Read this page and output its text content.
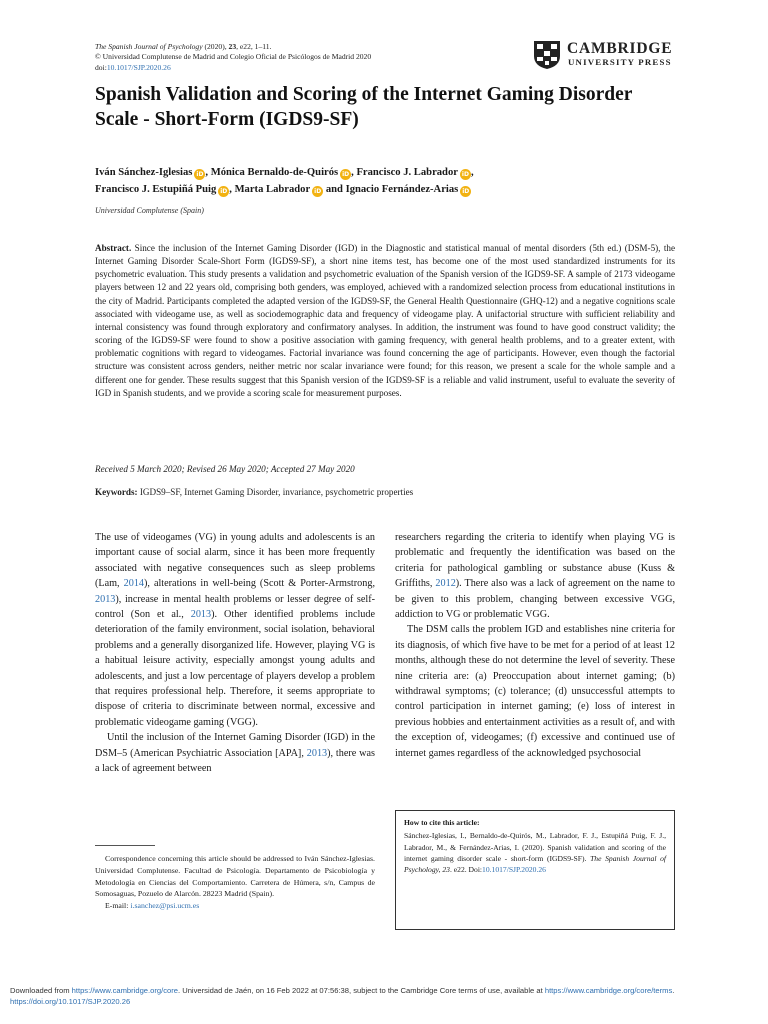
The Spanish Journal of Psychology (2020), 23, e22, 1–11.
© Universidad Complutense de Madrid and Colegio Oficial de Psicólogos de Madrid 2020
doi:10.1017/SJP.2020.26
CAMBRIDGE
UNIVERSITY PRESS
Spanish Validation and Scoring of the Internet Gaming Disorder Scale - Short-Form (IGDS9-SF)
Iván Sánchez-Iglesias iD , Mónica Bernaldo-de-Quirós iD , Francisco J. Labrador iD ,
Francisco J. Estupiñá Puig iD , Marta Labrador iD and Ignacio Fernández-Arias iD
Universidad Complutense (Spain)

Abstract. Since the inclusion of the Internet Gaming Disorder (IGD) in the Diagnostic and statistical manual of mental disorders (5th ed.) (DSM-5), the Internet Gaming Disorder Scale-Short Form (IGDS9-SF), a short nine items test, has become one of the most used standardized instruments for its psychometric evaluation. This study presents a validation and psychometric evaluation of the Spanish version of the IGDS9-SF. A sample of 2173 videogame players between 12 and 22 years old, comprising both genders, was employed, achieved with a randomized selection process from educational institutions in the city of Madrid. Participants completed the adapted version of the IGDS9-SF, the General Health Questionnaire (GHQ-12) and a negative cognitions scale associated with videogame use, as well as sociodemographic data and frequency of videogame play. A unifactorial structure with sufficient reliability and internal consistency was found through exploratory and confirmatory analyses. In addition, the instrument was found to have good construct validity; the scoring of the IGDS9-SF were found to show a positive association with gaming frequency, with general health problems, and to a greater extent, with problematic cognitions with regard to videogames. Factorial invariance was found concerning the age of participants. However, even though the factorial structure was consistent across genders, neither metric nor scalar invariance were found; for this reason, we present a scale for the whole sample and a different one for gender. These results suggest that this Spanish version of the IGDS9-SF is a reliable and valid instrument, useful to evaluate the severity of IGD in Spanish students, and we provide a scoring scale for measurement purposes.

Received 5 March 2020; Revised 26 May 2020; Accepted 27 May 2020
Keywords: IGDS9–SF, Internet Gaming Disorder, invariance, psychometric properties

The use of videogames (VG) in young adults and adolescents is an important cause of social alarm, since it has been more frequently associated with negative consequences such as sleep problems (Lam, 2014), alterations in well-being (Scott & Porter-Armstrong, 2013), increase in mental health problems or lesser degree of self-control (Son et al., 2013). Other identified problems include deterioration of the family environment, social isolation, behavioral problems and a generally disorganized life. However, playing VG is a habitual leisure activity, especially amongst young adults and adolescents, and just a low percentage of players develop a problem that requires professional help. Therefore, it seems appropriate to dispose of criteria to discriminate between normal, excessive and problematic videogame gaming (VGG).

Until the inclusion of the Internet Gaming Disorder (IGD) in the DSM–5 (American Psychiatric Association [APA], 2013), there was a lack of agreement between

researchers regarding the criteria to identify when playing VG is problematic and frequently the identification was based on the criteria for pathological gambling or substance abuse (Kuss & Griffiths, 2012). There also was a lack of agreement on the name to be given to this problem, changing between excessive VGG, addiction to VG or problematic VGG.

The DSM calls the problem IGD and establishes nine criteria for its diagnosis, of which five have to be met for a period of at least 12 months, although these do not determine the level of severity. These nine criteria are: (a) Preoccupation about internet gaming; (b) withdrawal symptoms; (c) tolerance; (d) unsuccessful attempts to control participation in internet gaming; (e) loss of interest in previous hobbies and entertainment activities as a result of, and with the exception of, videogames; (f) excessive and continued use of internet games regardless of the acknowledged psychosocial

Correspondence concerning this article should be addressed to Iván Sánchez-Iglesias. Universidad Complutense. Facultad de Psicología. Departamento de Psicobiología y Metodología en Ciencias del Comportamiento. Carretera de Húmera, s/n, Campus de Somosaguas, Pozuelo de Alarcón. 28223 Madrid (Spain).

E-mail: i.sanchez@psi.ucm.es

How to cite this article:
Sánchez-Iglesias, I., Bernaldo-de-Quirós, M., Labrador, F. J., Estupiñá Puig, F. J., Labrador, M., & Fernández-Arias, I. (2020). Spanish validation and scoring of the internet gaming disorder scale - short-form (IGDS9-SF). The Spanish Journal of Psychology, 23. e22. Doi:10.1017/SJP.2020.26
Downloaded from https://www.cambridge.org/core. Universidad de Jaén, on 16 Feb 2022 at 07:56:38, subject to the Cambridge Core terms of use, available at https://www.cambridge.org/core/terms.
https://doi.org/10.1017/SJP.2020.26
